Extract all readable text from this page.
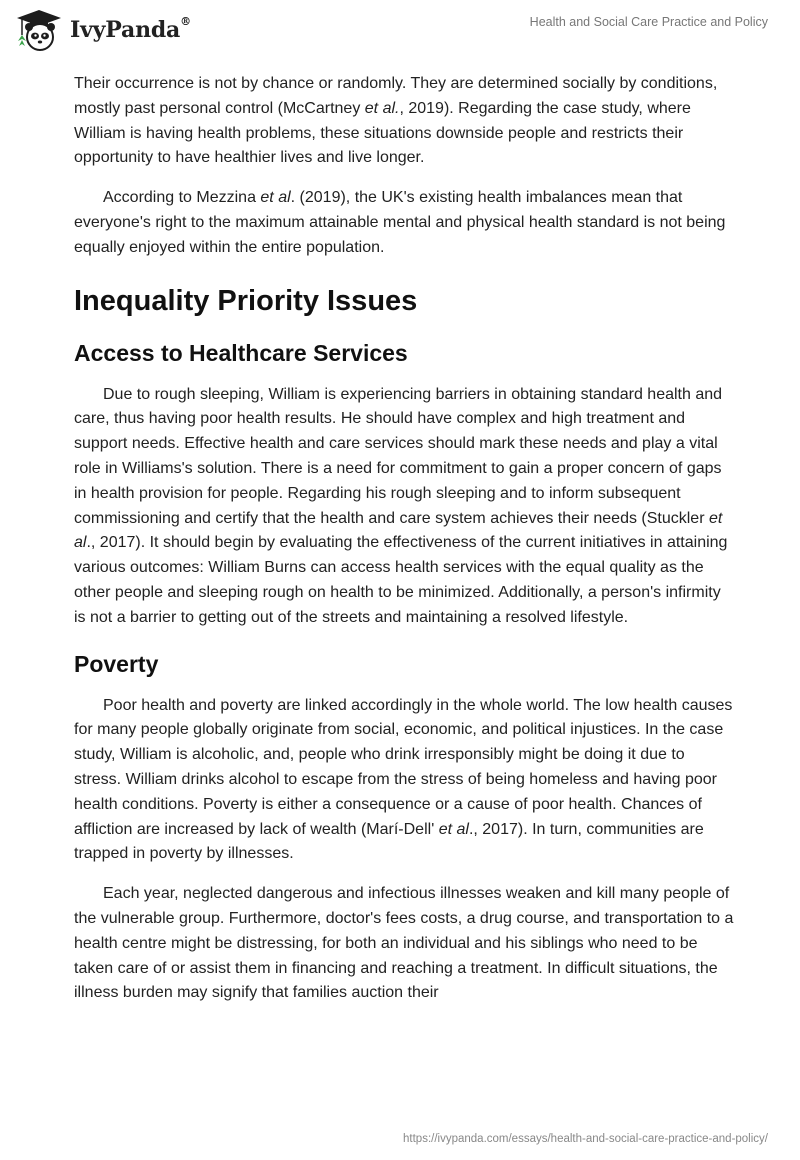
IvyPanda®	Health and Social Care Practice and Policy

Their occurrence is not by chance or randomly. They are determined socially by conditions, mostly past personal control (McCartney et al., 2019). Regarding the case study, where William is having health problems, these situations downside people and restricts their opportunity to have healthier lives and live longer.

According to Mezzina et al. (2019), the UK's existing health imbalances mean that everyone's right to the maximum attainable mental and physical health standard is not being equally enjoyed within the entire population.

Inequality Priority Issues
Access to Healthcare Services

Due to rough sleeping, William is experiencing barriers in obtaining standard health and care, thus having poor health results. He should have complex and high treatment and support needs. Effective health and care services should mark these needs and play a vital role in Williams's solution. There is a need for commitment to gain a proper concern of gaps in health provision for people. Regarding his rough sleeping and to inform subsequent commissioning and certify that the health and care system achieves their needs (Stuckler et al., 2017). It should begin by evaluating the effectiveness of the current initiatives in attaining various outcomes: William Burns can access health services with the equal quality as the other people and sleeping rough on health to be minimized. Additionally, a person's infirmity is not a barrier to getting out of the streets and maintaining a resolved lifestyle.

Poverty

Poor health and poverty are linked accordingly in the whole world. The low health causes for many people globally originate from social, economic, and political injustices. In the case study, William is alcoholic, and, people who drink irresponsibly might be doing it due to stress. William drinks alcohol to escape from the stress of being homeless and having poor health conditions. Poverty is either a consequence or a cause of poor health. Chances of affliction are increased by lack of wealth (Marí-Dell' et al., 2017). In turn, communities are trapped in poverty by illnesses.

Each year, neglected dangerous and infectious illnesses weaken and kill many people of the vulnerable group. Furthermore, doctor's fees costs, a drug course, and transportation to a health centre might be distressing, for both an individual and his siblings who need to be taken care of or assist them in financing and reaching a treatment. In difficult situations, the illness burden may signify that families auction their

https://ivypanda.com/essays/health-and-social-care-practice-and-policy/
